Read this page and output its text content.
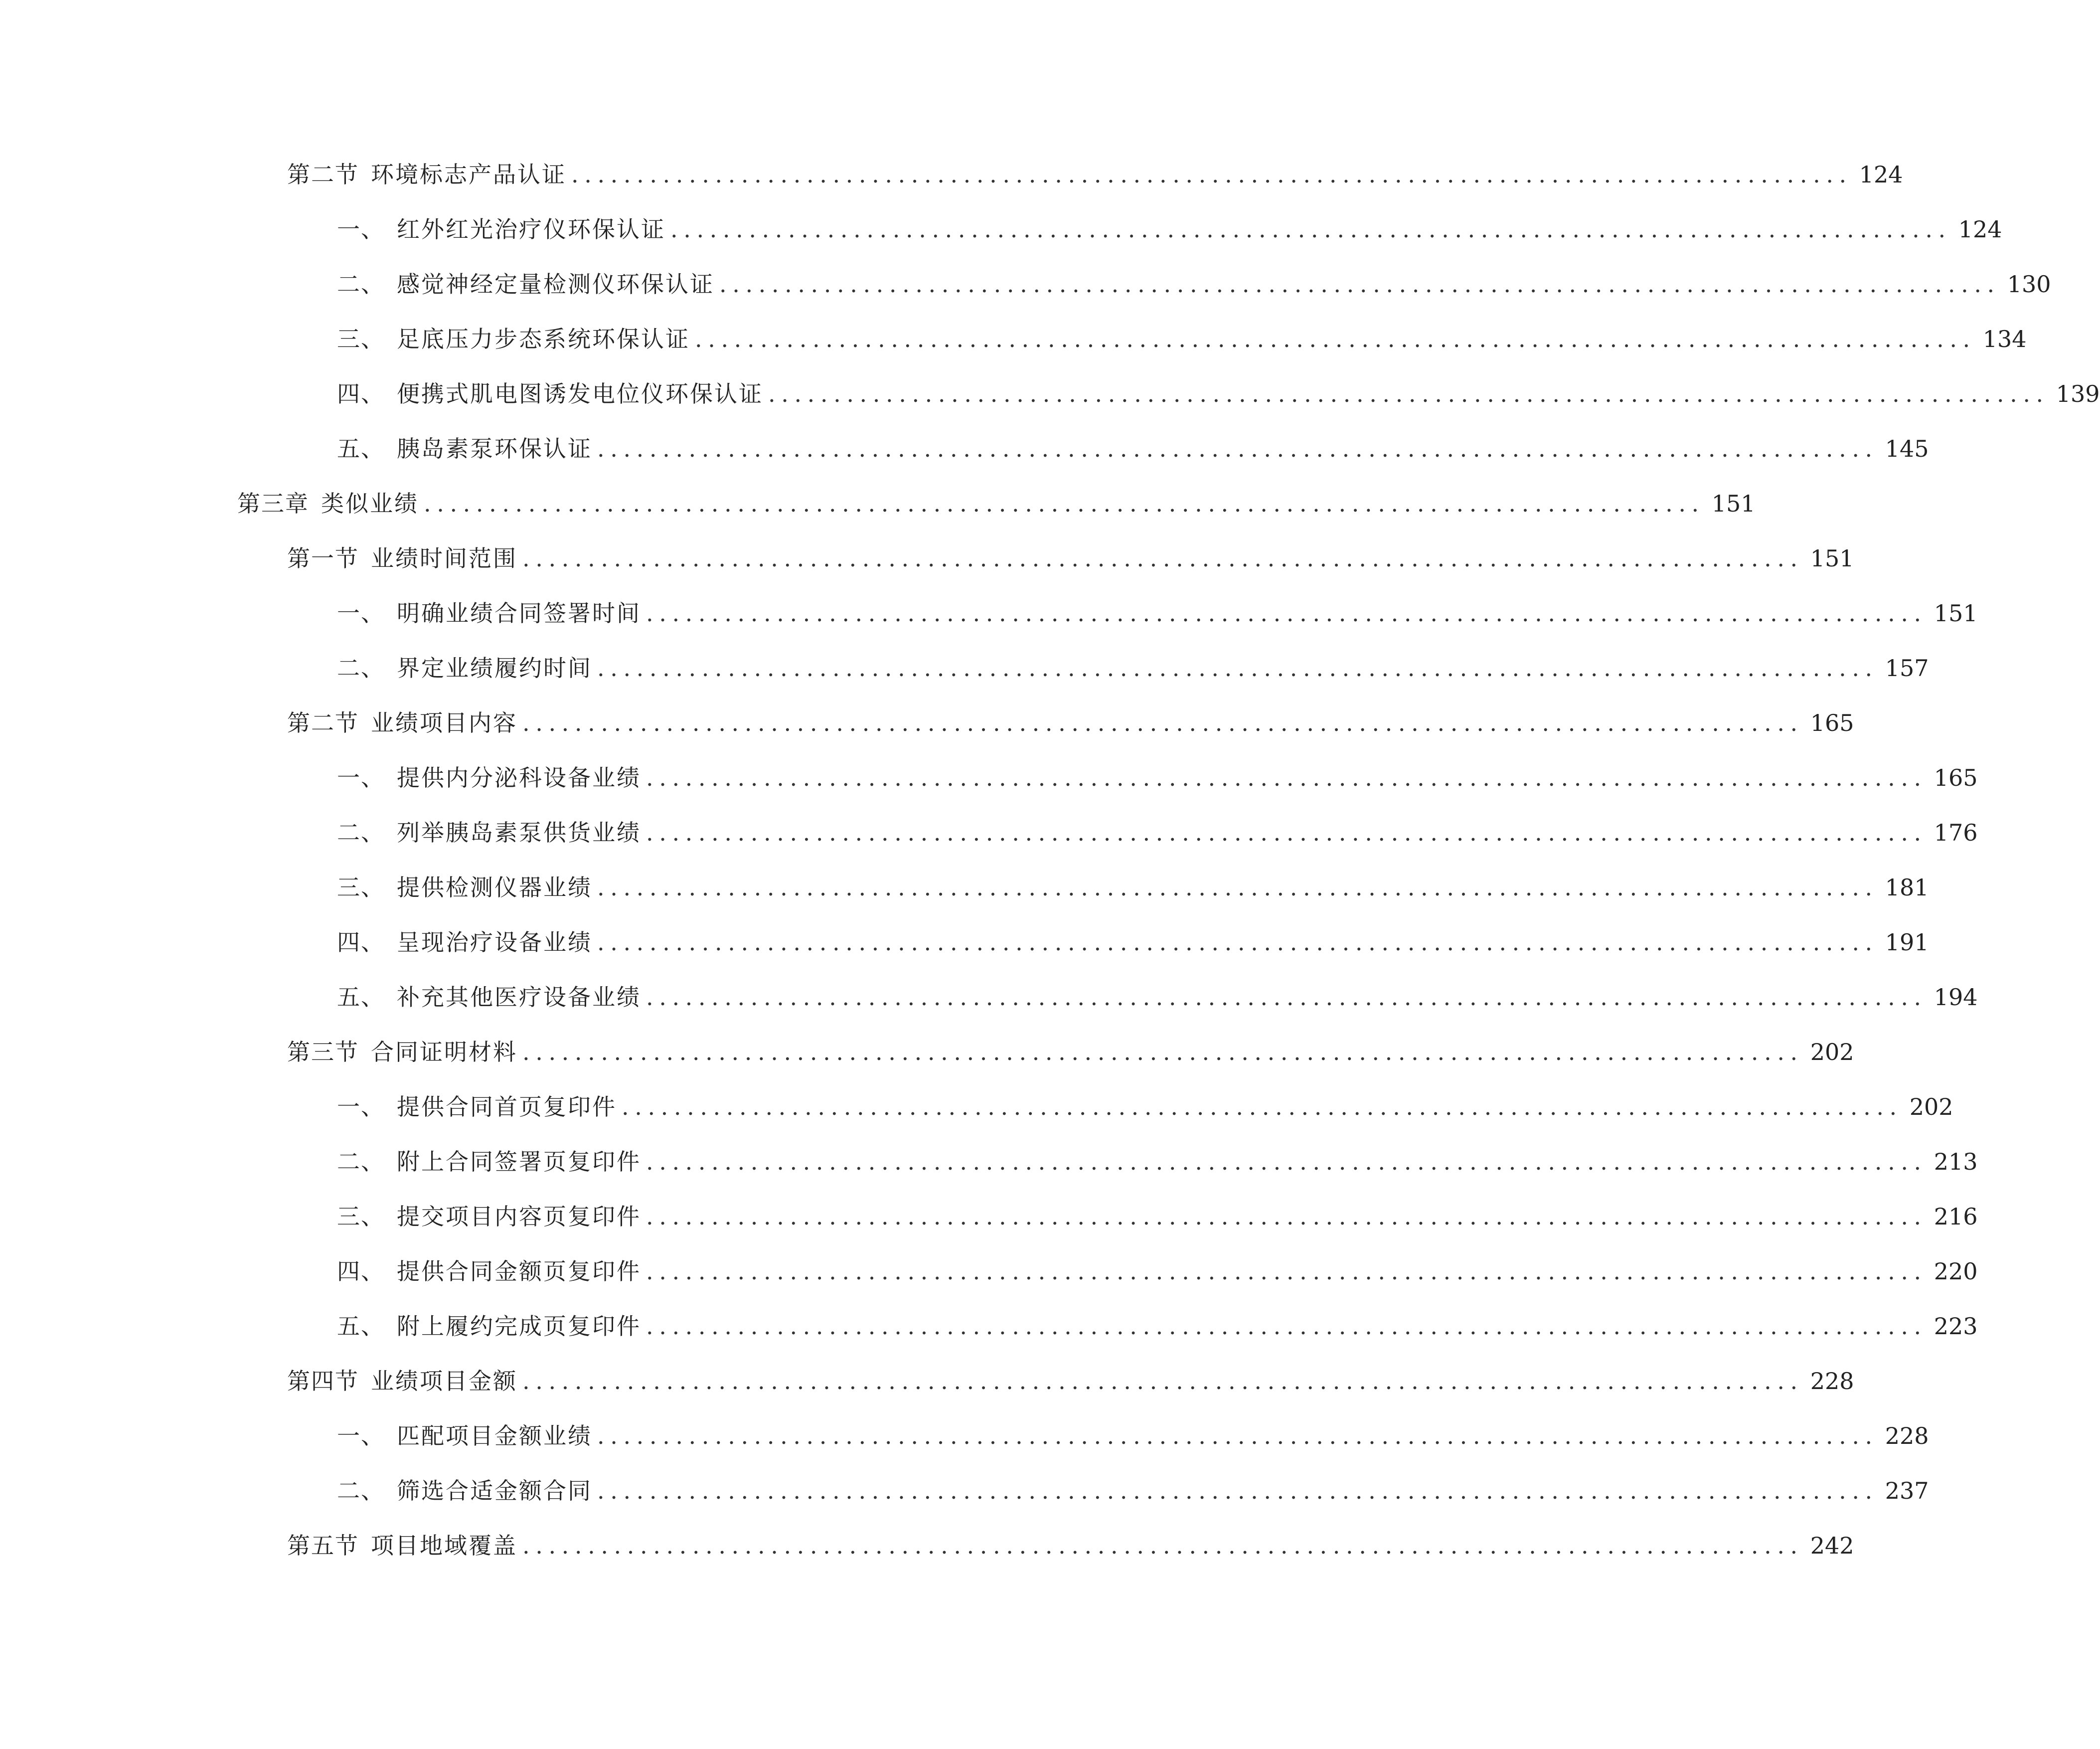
第二节 环境标志产品认证 .................................................................................................. 124
一、 红外红光治疗仪环保认证 .................................................................................................. 124
二、 感觉神经定量检测仪环保认证 .................................................................................................. 130
三、 足底压力步态系统环保认证 .................................................................................................. 134
四、 便携式肌电图诱发电位仪环保认证 .................................................................................................. 139
五、 胰岛素泵环保认证 .................................................................................................. 145
第三章 类似业绩 .................................................................................................. 151
第一节 业绩时间范围 .................................................................................................. 151
一、 明确业绩合同签署时间 .................................................................................................. 151
二、 界定业绩履约时间 .................................................................................................. 157
第二节 业绩项目内容 .................................................................................................. 165
一、 提供内分泌科设备业绩 .................................................................................................. 165
二、 列举胰岛素泵供货业绩 .................................................................................................. 176
三、 提供检测仪器业绩 .................................................................................................. 181
四、 呈现治疗设备业绩 .................................................................................................. 191
五、 补充其他医疗设备业绩 .................................................................................................. 194
第三节 合同证明材料 .................................................................................................. 202
一、 提供合同首页复印件 .................................................................................................. 202
二、 附上合同签署页复印件 .................................................................................................. 213
三、 提交项目内容页复印件 .................................................................................................. 216
四、 提供合同金额页复印件 .................................................................................................. 220
五、 附上履约完成页复印件 .................................................................................................. 223
第四节 业绩项目金额 .................................................................................................. 228
一、 匹配项目金额业绩 .................................................................................................. 228
二、 筛选合适金额合同 .................................................................................................. 237
第五节 项目地域覆盖 .................................................................................................. 242
